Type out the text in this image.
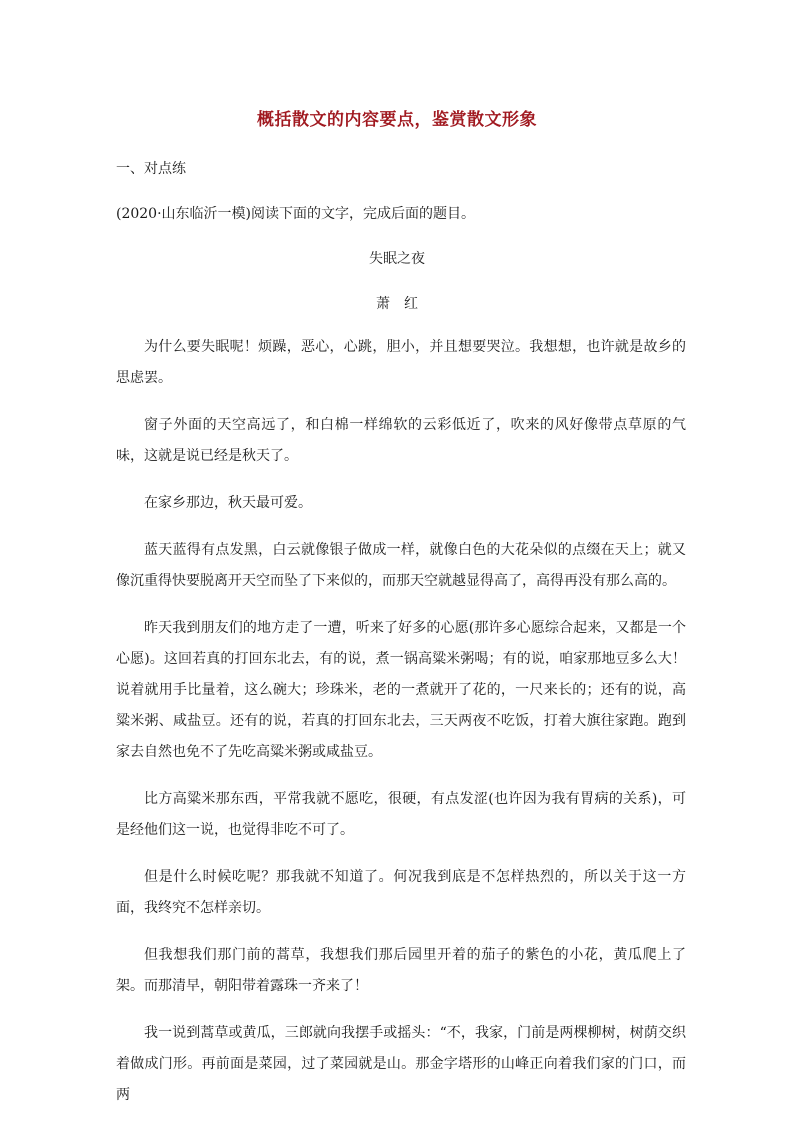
概括散文的内容要点，鉴赏散文形象
一、对点练
(2020·山东临沂一模)阅读下面的文字，完成后面的题目。
失眠之夜
萧红

为什么要失眠呢！烦躁，恶心，心跳，胆小，并且想要哭泣。我想想，也许就是故乡的思虑罢。

窗子外面的天空高远了，和白棉一样绵软的云彩低近了，吹来的风好像带点草原的气味，这就是说已经是秋天了。

在家乡那边，秋天最可爱。

蓝天蓝得有点发黑，白云就像银子做成一样，就像白色的大花朵似的点缀在天上；就又像沉重得快要脱离开天空而坠了下来似的，而那天空就越显得高了，高得再没有那么高的。

昨天我到朋友们的地方走了一遭，听来了好多的心愿(那许多心愿综合起来，又都是一个心愿)。这回若真的打回东北去，有的说，煮一锅高粱米粥喝；有的说，咱家那地豆多么大！说着就用手比量着，这么碗大；珍珠米，老的一煮就开了花的，一尺来长的；还有的说，高粱米粥、咸盐豆。还有的说，若真的打回东北去，三天两夜不吃饭，打着大旗往家跑。跑到家去自然也免不了先吃高粱米粥或咸盐豆。

比方高粱米那东西，平常我就不愿吃，很硬，有点发涩(也许因为我有胃病的关系)，可是经他们这一说，也觉得非吃不可了。

但是什么时候吃呢？那我就不知道了。何况我到底是不怎样热烈的，所以关于这一方面，我终究不怎样亲切。

但我想我们那门前的蒿草，我想我们那后园里开着的茄子的紫色的小花，黄瓜爬上了架。而那清早，朝阳带着露珠一齐来了！

我一说到蒿草或黄瓜，三郎就向我摆手或摇头：“不，我家，门前是两棵柳树，树荫交织着做成门形。再前面是菜园，过了菜园就是山。那金字塔形的山峰正向着我们家的门口，而两
